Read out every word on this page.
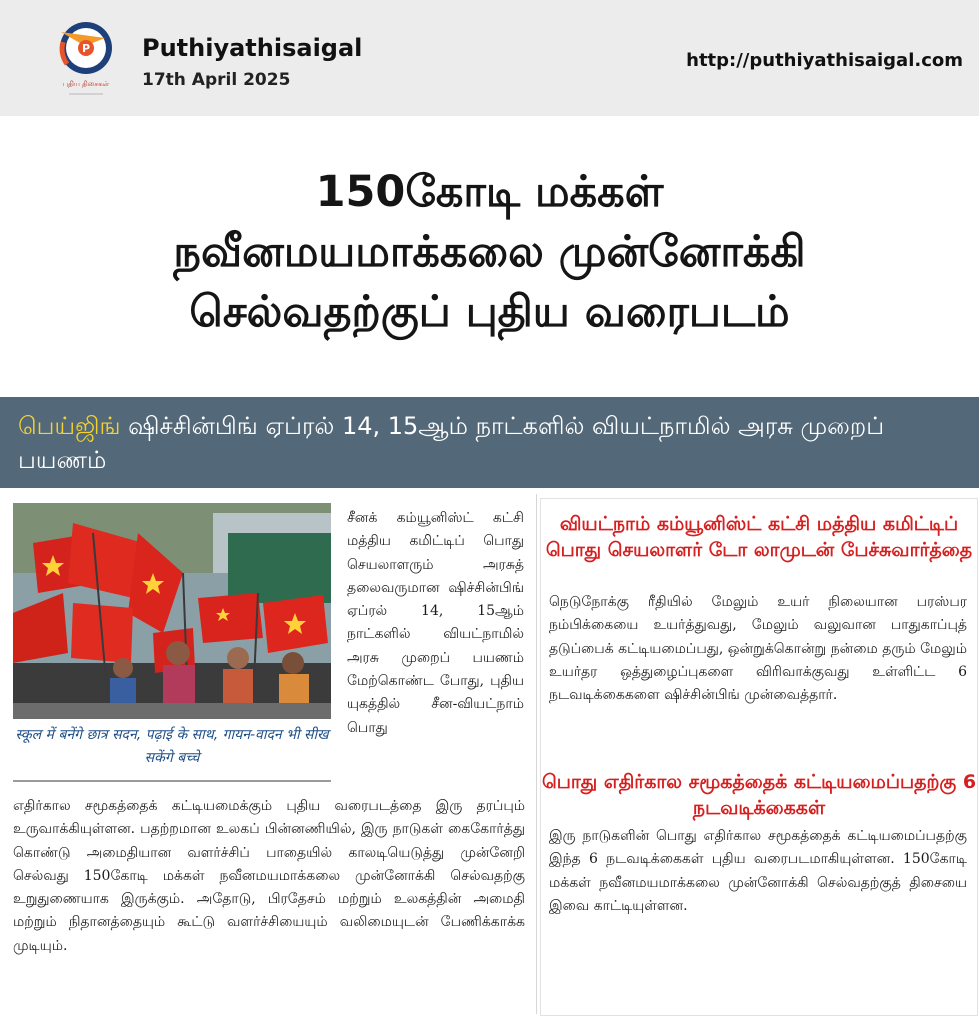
P
புதிய திசைகள்
Puthiyathisaigal
17th April 2025
http://puthiyathisaigal.com
150கோடி மக்கள்
நவீனமயமாக்கலை முன்னோக்கி
செல்வதற்குப் புதிய வரைபடம்
பெய்ஜிங் ஷிச்சின்பிங் ஏப்ரல் 14, 15ஆம் நாட்களில் வியட்நாமில் அரசு முறைப் பயணம்
स्कूल में बनेंगे छात्र सदन, पढ़ाई के साथ, गायन-वादन भी सीख सकेंगे बच्चे
சீனக் கம்யூனிஸ்ட் கட்சி மத்திய கமிட்டிப் பொது செயலாளரும் அரசுத் தலைவருமான ஷிச்சின்பிங் ஏப்ரல் 14, 15ஆம் நாட்களில் வியட்நாமில் அரசு முறைப் பயணம் மேற்கொண்ட போது, புதிய யுகத்தில் சீன-வியட்நாம் பொது
எதிர்கால சமூகத்தைக் கட்டியமைக்கும் புதிய வரைபடத்தை இரு தரப்பும் உருவாக்கியுள்ளன. பதற்றமான உலகப் பின்னணியில், இரு நாடுகள் கைகோர்த்து கொண்டு அமைதியான வளர்ச்சிப் பாதையில் காலடியெடுத்து முன்னேறி செல்வது 150கோடி மக்கள் நவீனமயமாக்கலை முன்னோக்கி செல்வதற்கு உறுதுணையாக இருக்கும். அதோடு, பிரதேசம் மற்றும் உலகத்தின் அமைதி மற்றும் நிதானத்தையும் கூட்டு வளர்ச்சியையும் வலிமையுடன் பேணிக்காக்க முடியும்.
வியட்நாம் கம்யூனிஸ்ட் கட்சி மத்திய கமிட்டிப் பொது செயலாளர் டோ லாமுடன் பேச்சுவார்த்தை
நெடுநோக்கு ரீதியில் மேலும் உயர் நிலையான பரஸ்பர நம்பிக்கையை உயர்த்துவது, மேலும் வலுவான பாதுகாப்புத் தடுப்பைக் கட்டியமைப்பது, ஒன்றுக்கொன்று நன்மை தரும் மேலும் உயர்தர ஒத்துழைப்புகளை விரிவாக்குவது உள்ளிட்ட 6 நடவடிக்கைகளை ஷிச்சின்பிங் முன்வைத்தார்.
பொது எதிர்கால சமூகத்தைக் கட்டியமைப்பதற்கு 6 நடவடிக்கைகள்
இரு நாடுகளின் பொது எதிர்கால சமூகத்தைக் கட்டியமைப்பதற்கு இந்த 6 நடவடிக்கைகள் புதிய வரைபடமாகியுள்ளன. 150கோடி மக்கள் நவீனமயமாக்கலை முன்னோக்கி செல்வதற்குத் திசையை இவை காட்டியுள்ளன.
